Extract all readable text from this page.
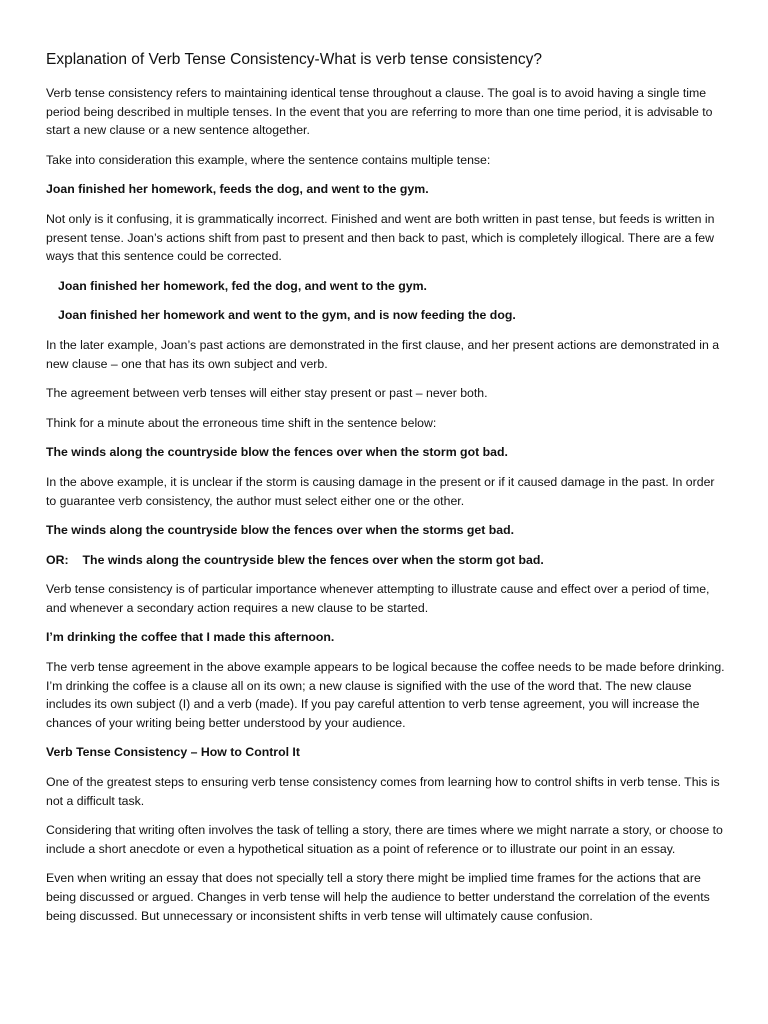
Explanation of Verb Tense Consistency-What is verb tense consistency?

Verb tense consistency refers to maintaining identical tense throughout a clause. The goal is to avoid having a single time period being described in multiple tenses. In the event that you are referring to more than one time period, it is advisable to start a new clause or a new sentence altogether.

Take into consideration this example, where the sentence contains multiple tense:

Joan finished her homework, feeds the dog, and went to the gym.

Not only is it confusing, it is grammatically incorrect. Finished and went are both written in past tense, but feeds is written in present tense. Joan’s actions shift from past to present and then back to past, which is completely illogical. There are a few ways that this sentence could be corrected.

Joan finished her homework, fed the dog, and went to the gym.

Joan finished her homework and went to the gym, and is now feeding the dog.

In the later example, Joan’s past actions are demonstrated in the first clause, and her present actions are demonstrated in a new clause – one that has its own subject and verb.

The agreement between verb tenses will either stay present or past – never both.

Think for a minute about the erroneous time shift in the sentence below:

The winds along the countryside blow the fences over when the storm got bad.

In the above example, it is unclear if the storm is causing damage in the present or if it caused damage in the past. In order to guarantee verb consistency, the author must select either one or the other.

The winds along the countryside blow the fences over when the storms get bad.

OR: The winds along the countryside blew the fences over when the storm got bad.

Verb tense consistency is of particular importance whenever attempting to illustrate cause and effect over a period of time, and whenever a secondary action requires a new clause to be started.

I’m drinking the coffee that I made this afternoon.

The verb tense agreement in the above example appears to be logical because the coffee needs to be made before drinking. I’m drinking the coffee is a clause all on its own; a new clause is signified with the use of the word that. The new clause includes its own subject (I) and a verb (made). If you pay careful attention to verb tense agreement, you will increase the chances of your writing being better understood by your audience.

Verb Tense Consistency – How to Control It

One of the greatest steps to ensuring verb tense consistency comes from learning how to control shifts in verb tense. This is not a difficult task.

Considering that writing often involves the task of telling a story, there are times where we might narrate a story, or choose to include a short anecdote or even a hypothetical situation as a point of reference or to illustrate our point in an essay.

Even when writing an essay that does not specially tell a story there might be implied time frames for the actions that are being discussed or argued. Changes in verb tense will help the audience to better understand the correlation of the events being discussed. But unnecessary or inconsistent shifts in verb tense will ultimately cause confusion.
